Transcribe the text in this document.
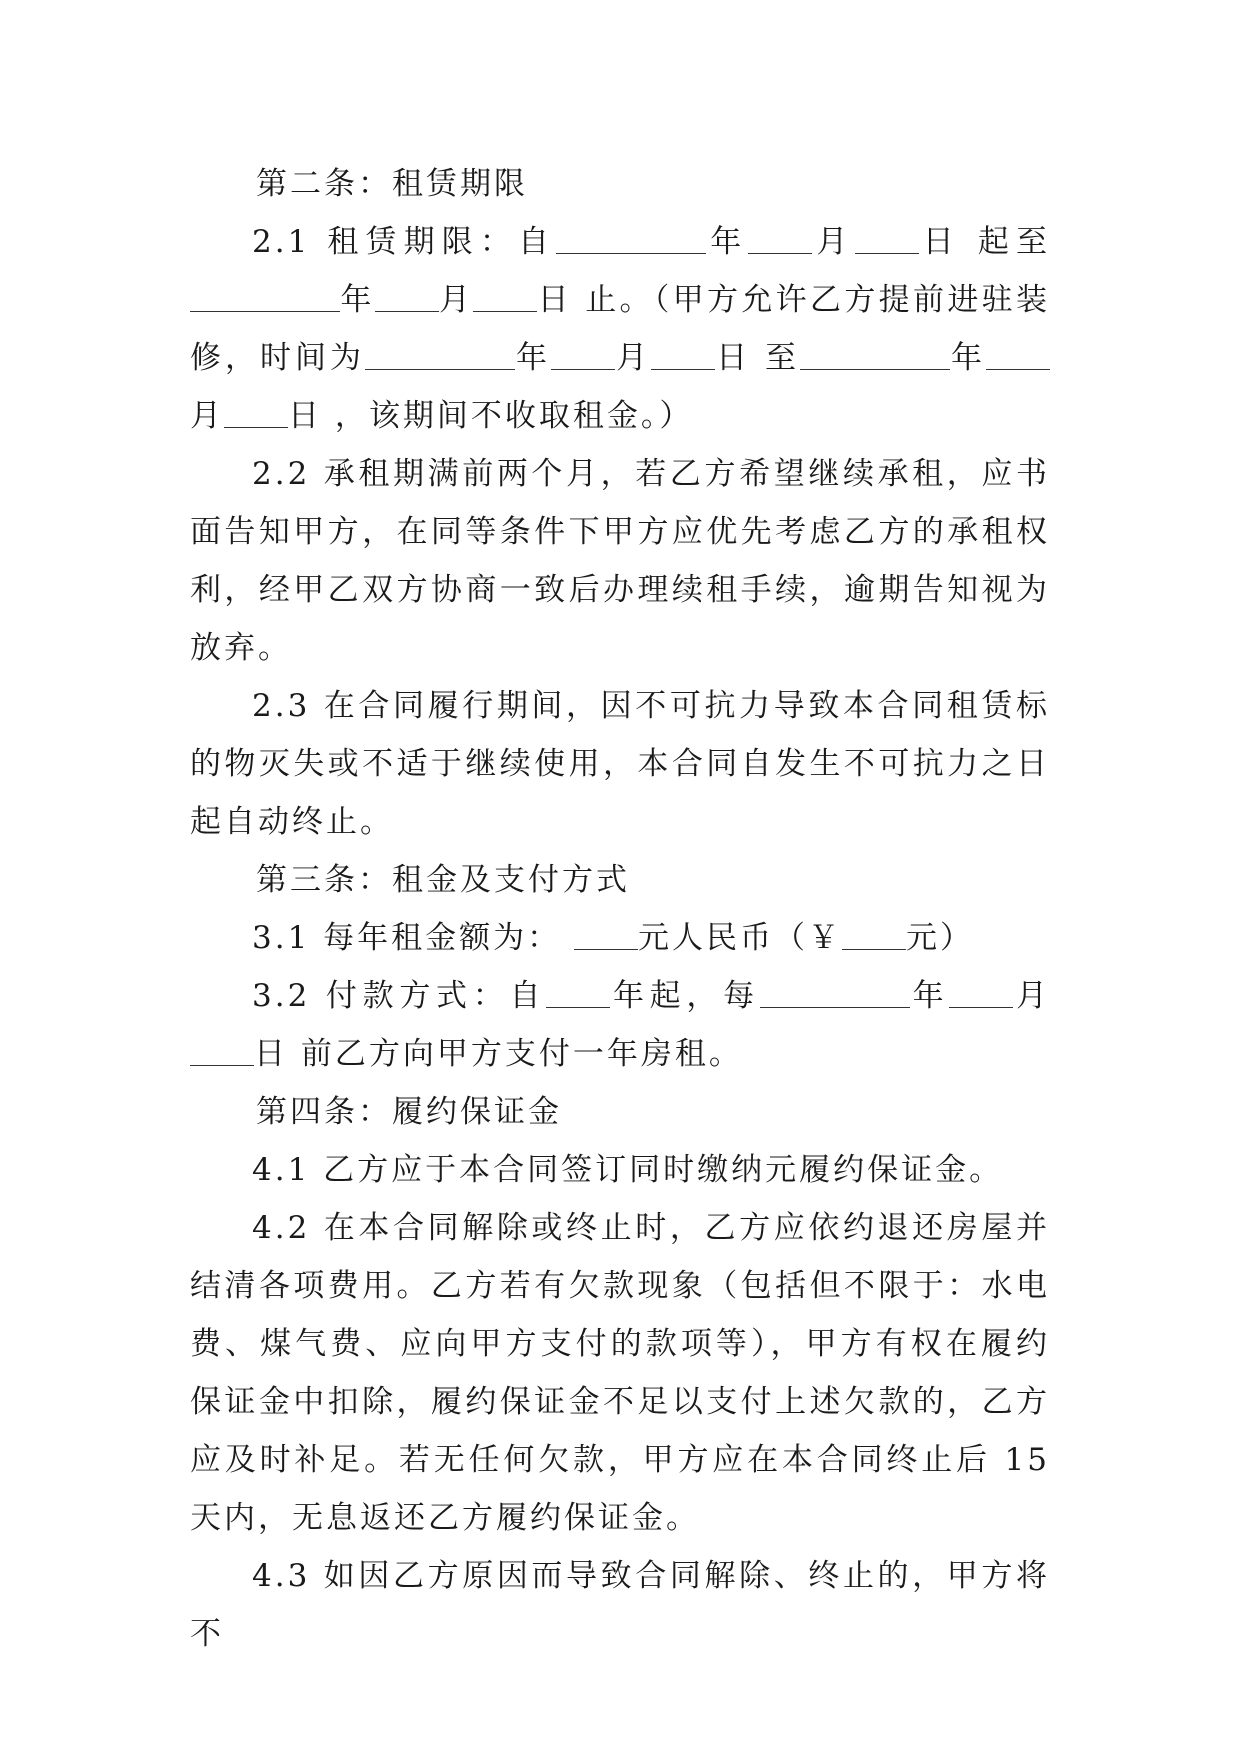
第二条：租赁期限

2.1 租赁期限：自	年 月 日 起至 年 月 日 止。（甲方允许乙方提前进驻装修，时间为	年 月 日 至	年月 日 ，该期间不收取租金。）

2.2 承租期满前两个月，若乙方希望继续承租，应书面告知甲方，在同等条件下甲方应优先考虑乙方的承租权利，经甲乙双方协商一致后办理续租手续，逾期告知视为放弃。

2.3 在合同履行期间，因不可抗力导致本合同租赁标的物灭失或不适于继续使用，本合同自发生不可抗力之日起自动终止。

第三条：租金及支付方式

3.1 每年租金额为： 元人民币（￥ 元）

3.2 付款方式：自 年起，每	年 月日 前乙方向甲方支付一年房租。

第四条：履约保证金

4.1 乙方应于本合同签订同时缴纳元履约保证金。

4.2 在本合同解除或终止时，乙方应依约退还房屋并结清各项费用。乙方若有欠款现象（包括但不限于：水电费、煤气费、应向甲方支付的款项等），甲方有权在履约保证金中扣除，履约保证金不足以支付上述欠款的，乙方应及时补足。若无任何欠款，甲方应在本合同终止后 15 天内，无息返还乙方履约保证金。

4.3 如因乙方原因而导致合同解除、终止的，甲方将不
